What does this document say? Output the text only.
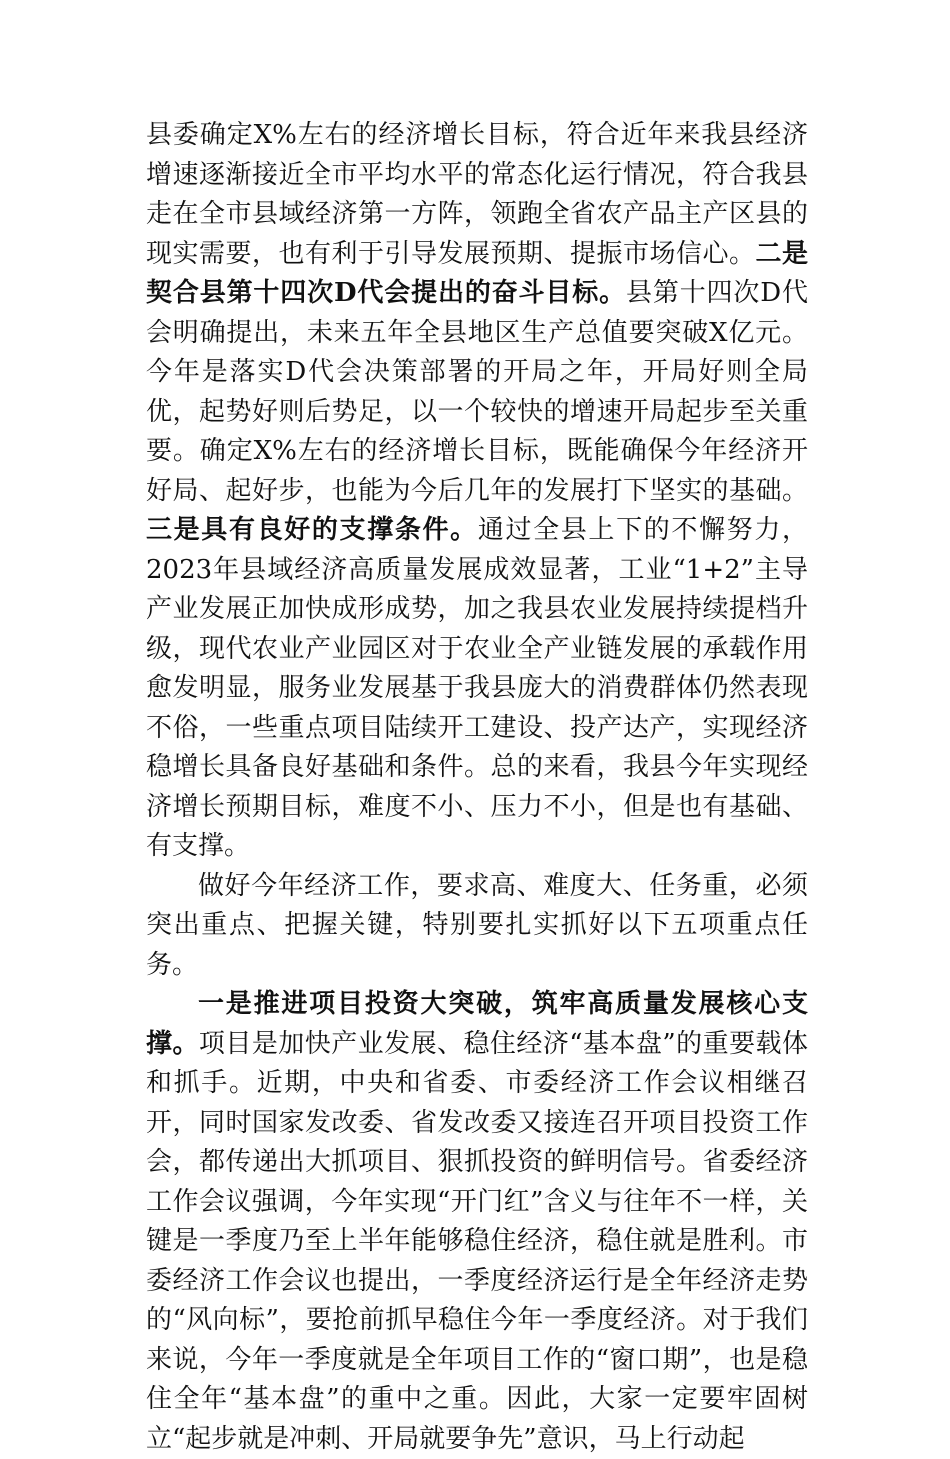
县委确定X%左右的经济增长目标，符合近年来我县经济增速逐渐接近全市平均水平的常态化运行情况，符合我县走在全市县域经济第一方阵，领跑全省农产品主产区县的现实需要，也有利于引导发展预期、提振市场信心。二是契合县第十四次D代会提出的奋斗目标。县第十四次D代会明确提出，未来五年全县地区生产总值要突破X亿元。今年是落实D代会决策部署的开局之年，开局好则全局优，起势好则后势足，以一个较快的增速开局起步至关重要。确定X%左右的经济增长目标，既能确保今年经济开好局、起好步，也能为今后几年的发展打下坚实的基础。三是具有良好的支撑条件。通过全县上下的不懈努力，2023年县域经济高质量发展成效显著，工业“1+2”主导产业发展正加快成形成势，加之我县农业发展持续提档升级，现代农业产业园区对于农业全产业链发展的承载作用愈发明显，服务业发展基于我县庞大的消费群体仍然表现不俗，一些重点项目陆续开工建设、投产达产，实现经济稳增长具备良好基础和条件。总的来看，我县今年实现经济增长预期目标，难度不小、压力不小，但是也有基础、有支撑。

做好今年经济工作，要求高、难度大、任务重，必须突出重点、把握关键，特别要扎实抓好以下五项重点任务。

一是推进项目投资大突破，筑牢高质量发展核心支撑。项目是加快产业发展、稳住经济“基本盘”的重要载体和抓手。近期，中央和省委、市委经济工作会议相继召开，同时国家发改委、省发改委又接连召开项目投资工作会，都传递出大抓项目、狠抓投资的鲜明信号。省委经济工作会议强调，今年实现“开门红”含义与往年不一样，关键是一季度乃至上半年能够稳住经济，稳住就是胜利。市委经济工作会议也提出，一季度经济运行是全年经济走势的“风向标”，要抢前抓早稳住今年一季度经济。对于我们来说，今年一季度就是全年项目工作的“窗口期”，也是稳住全年“基本盘”的重中之重。因此，大家一定要牢固树立“起步就是冲刺、开局就要争先”意识，马上行动起
